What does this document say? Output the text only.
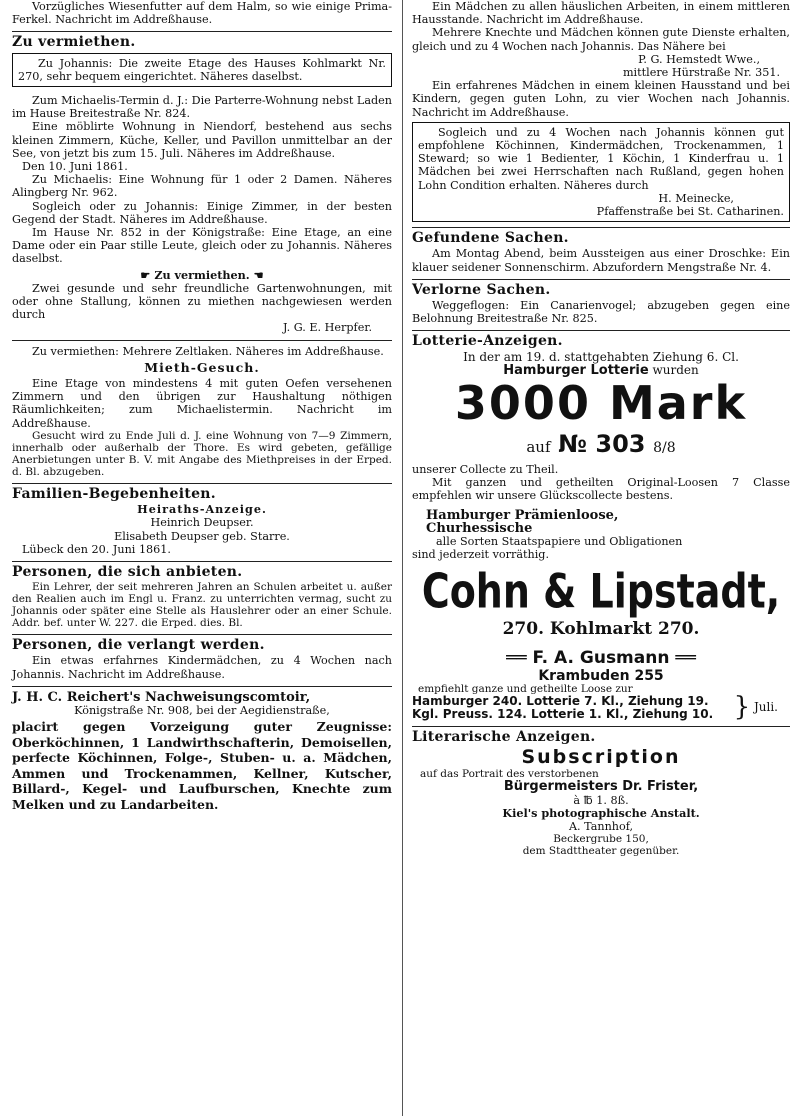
Vorzügliches Wiesenfutter auf dem Halm, so wie einige Prima-Ferkel. Nachricht im Addreßhause.

Zu vermiethen.

Zu Johannis: Die zweite Etage des Hauses Kohlmarkt Nr. 270, sehr bequem eingerichtet. Näheres daselbst.

Zum Michaelis-Termin d. J.: Die Parterre-Wohnung nebst Laden im Hause Breitestraße Nr. 824.

Eine möblirte Wohnung in Niendorf, bestehend aus sechs kleinen Zimmern, Küche, Keller, und Pavillon unmittelbar an der See, von jetzt bis zum 15. Juli. Näheres im Addreßhause.

Den 10. Juni 1861.

Zu Michaelis: Eine Wohnung für 1 oder 2 Damen. Näheres Alingberg Nr. 962.

Sogleich oder zu Johannis: Einige Zimmer, in der besten Gegend der Stadt. Näheres im Addreßhause.

Im Hause Nr. 852 in der Königstraße: Eine Etage, an eine Dame oder ein Paar stille Leute, gleich oder zu Johannis. Näheres daselbst.

☛ Zu vermiethen. ☚

Zwei gesunde und sehr freundliche Gartenwohnungen, mit oder ohne Stallung, können zu miethen nachgewiesen werden durch

J. G. E. Herpfer.

Zu vermiethen: Mehrere Zeltlaken. Näheres im Addreßhause.

Mieth-Gesuch.

Eine Etage von mindestens 4 mit guten Oefen versehenen Zimmern und den übrigen zur Haushaltung nöthigen Räumlichkeiten; zum Michaelistermin. Nachricht im Addreßhause.

Gesucht wird zu Ende Juli d. J. eine Wohnung von 7—9 Zimmern, innerhalb oder außerhalb der Thore. Es wird gebeten, gefällige Anerbietungen unter B. V. mit Angabe des Miethpreises in der Erped. d. Bl. abzugeben.

Familien-Begebenheiten.
Heiraths-Anzeige.
Heinrich Deupser.
Elisabeth Deupser geb. Starre.

Lübeck den 20. Juni 1861.

Personen, die sich anbieten.

Ein Lehrer, der seit mehreren Jahren an Schulen arbeitet u. außer den Realien auch im Engl u. Franz. zu unterrichten vermag, sucht zu Johannis oder später eine Stelle als Hauslehrer oder an einer Schule. Addr. bef. unter W. 227. die Erped. dies. Bl.

Personen, die verlangt werden.

Ein etwas erfahrnes Kindermädchen, zu 4 Wochen nach Johannis. Nachricht im Addreßhause.

J. H. C. Reichert's Nachweisungscomtoir,
Königstraße Nr. 908, bei der Aegidienstraße,

placirt gegen Vorzeigung guter Zeugnisse: Oberköchinnen, 1 Landwirthschafterin, Demoisellen, perfecte Köchinnen, Folge-, Stuben- u. a. Mädchen, Ammen und Trockenammen, Kellner, Kutscher, Billard-, Kegel- und Laufburschen, Knechte zum Melken und zu Landarbeiten.

Ein Mädchen zu allen häuslichen Arbeiten, in einem mittleren Hausstande. Nachricht im Addreßhause.

Mehrere Knechte und Mädchen können gute Dienste erhalten, gleich und zu 4 Wochen nach Johannis. Das Nähere bei

P. G. Hemstedt Wwe.,

mittlere Hürstraße Nr. 351.

Ein erfahrenes Mädchen in einem kleinen Hausstand und bei Kindern, gegen guten Lohn, zu vier Wochen nach Johannis. Nachricht im Addreßhause.

Sogleich und zu 4 Wochen nach Johannis können gut empfohlene Köchinnen, Kindermädchen, Trockenammen, 1 Steward; so wie 1 Bedienter, 1 Köchin, 1 Kinderfrau u. 1 Mädchen bei zwei Herrschaften nach Rußland, gegen hohen Lohn Condition erhalten. Näheres durch

H. Meinecke,

Pfaffenstraße bei St. Catharinen.

Gefundene Sachen.

Am Montag Abend, beim Aussteigen aus einer Droschke: Ein klauer seidener Sonnenschirm. Abzufordern Mengstraße Nr. 4.

Verlorne Sachen.

Weggeflogen: Ein Canarienvogel; abzugeben gegen eine Belohnung Breitestraße Nr. 825.

Lotterie-Anzeigen.
In der am 19. d. stattgehabten Ziehung 6. Cl.
Hamburger Lotterie wurden
3000 Mark
auf № 303 8/8

unserer Collecte zu Theil.

Mit ganzen und getheilten Original-Loosen 7 Classe empfehlen wir unsere Glückscollecte bestens.

Hamburger Prämienloose,
Churhessische
alle Sorten Staatspapiere und Obligationen
sind jederzeit vorräthig.
Cohn & Lipstadt,
270. Kohlmarkt 270.
══ F. A. Gusmann ══
Krambuden 255
empfiehlt ganze und getheilte Loose zur
Hamburger 240. Lotterie 7. Kl., Ziehung 19.
Kgl. Preuss. 124. Lotterie 1. Kl., Ziehung 10. } Juli.
Literarische Anzeigen.
Subscription
auf das Portrait des verstorbenen
Bürgermeisters Dr. Frister,
à ℔ 1. 8ß.
Kiel's photographische Anstalt.
A. Tannhof,
Beckergrube 150,
dem Stadttheater gegenüber.
